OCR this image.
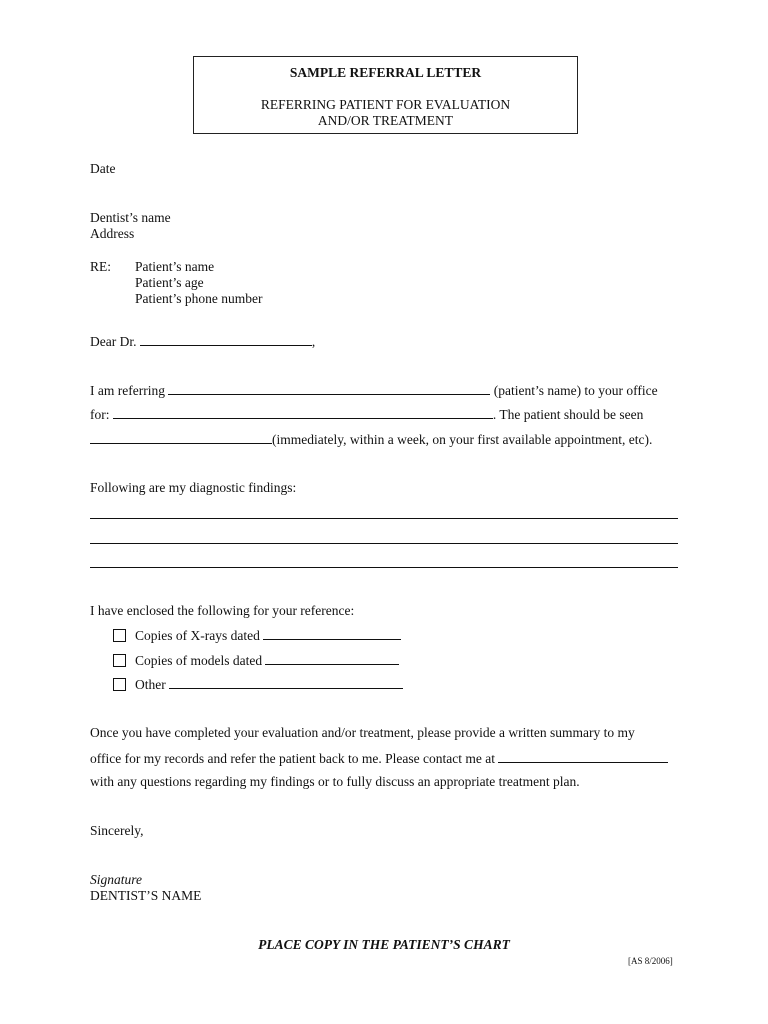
SAMPLE REFERRAL LETTER
REFERRING PATIENT FOR EVALUATION
AND/OR TREATMENT
Date
Dentist’s name
Address
RE: Patient’s name
Patient’s age
Patient’s phone number
Dear Dr.	,
I am referring	(patient’s name) to your office
for:	. The patient should be seen
(immediately, within a week, on your first available appointment, etc).
Following are my diagnostic findings:
I have enclosed the following for your reference:
Copies of X-rays dated
Copies of models dated
Other
Once you have completed your evaluation and/or treatment, please provide a written summary to my
office for my records and refer the patient back to me. Please contact me at
with any questions regarding my findings or to fully discuss an appropriate treatment plan.
Sincerely,
Signature
DENTIST’S NAME
PLACE COPY IN THE PATIENT’S CHART
[AS 8/2006]
